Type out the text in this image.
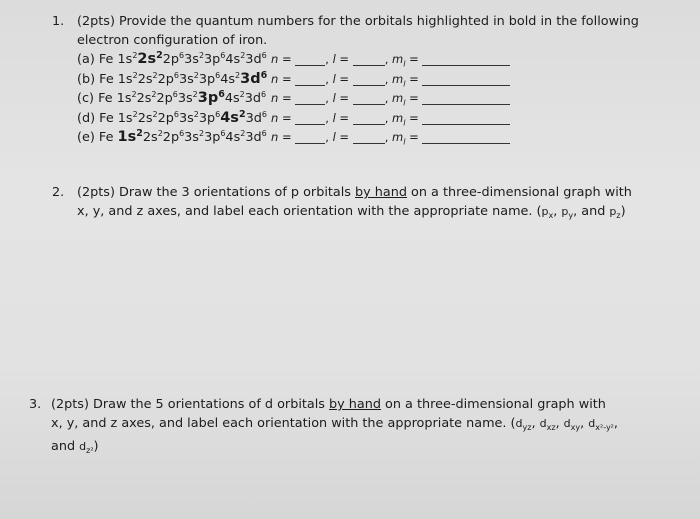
1. (2pts) Provide the quantum numbers for the orbitals highlighted in bold in the following
electron configuration of iron.
(a) Fe $1s^22s^22p^63s^23p^64s^23d^6$ n =	, l =	, $m_l$ =
(b) Fe $1s^22s^22p^63s^23p^64s^23d^6$ n =	, l =	, $m_l$ =
(c) Fe $1s^22s^22p^63s^23p^64s^23d^6$ n =	, l =	, $m_l$ =
(d) Fe $1s^22s^22p^63s^23p^64s^23d^6$ n =	, l =	, $m_l$ =
(e) Fe $1s^22s^22p^63s^23p^64s^23d^6$ n =	, l =	, $m_l$ =
2. (2pts) Draw the 3 orientations of p orbitals by hand on a three-dimensional graph with
x, y, and z axes, and label each orientation with the appropriate name. ($p_x$, $p_y$, and $p_z$)
3. (2pts) Draw the 5 orientations of d orbitals by hand on a three-dimensional graph with
x, y, and z axes, and label each orientation with the appropriate name. ($d_{yz}$, $d_{xz}$, $d_{xy}$, $d_{x^2-y^2}$,
and $d_{z^2}$)
